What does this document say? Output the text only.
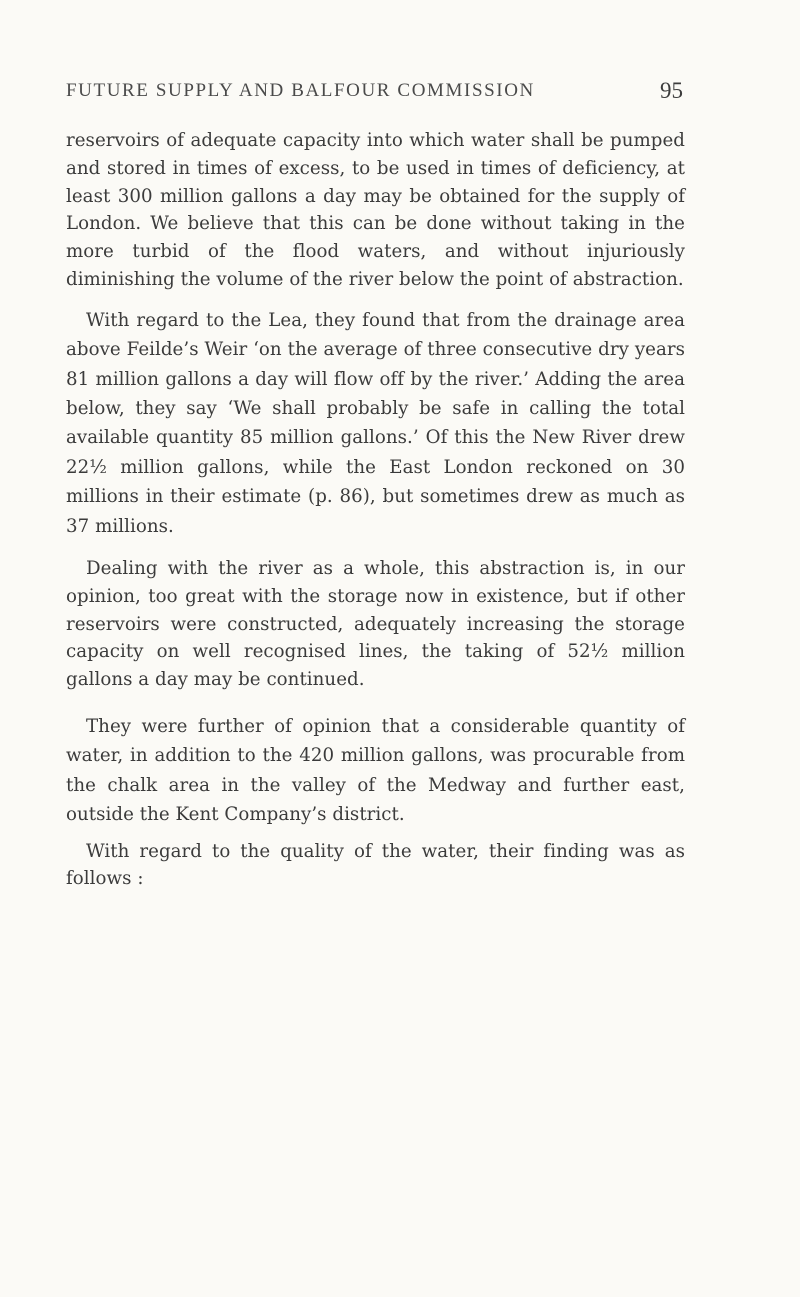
FUTURE SUPPLY AND BALFOUR COMMISSION	95

reservoirs of adequate capacity into which water shall be pumped and stored in times of excess, to be used in times of deficiency, at least 300 million gallons a day may be obtained for the supply of London. We believe that this can be done without taking in the more turbid of the flood waters, and without injuriously diminishing the volume of the river below the point of abstraction.

With regard to the Lea, they found that from the drainage area above Feilde’s Weir ‘on the average of three consecutive dry years 81 million gallons a day will flow off by the river.’ Adding the area below, they say ‘We shall probably be safe in calling the total available quantity 85 million gallons.’ Of this the New River drew 22½ million gallons, while the East London reckoned on 30 millions in their estimate (p. 86), but sometimes drew as much as 37 millions.

Dealing with the river as a whole, this abstraction is, in our opinion, too great with the storage now in existence, but if other reservoirs were constructed, adequately increasing the storage capacity on well recognised lines, the taking of 52½ million gallons a day may be continued.

They were further of opinion that a considerable quantity of water, in addition to the 420 million gallons, was procurable from the chalk area in the valley of the Medway and further east, outside the Kent Company’s district.

With regard to the quality of the water, their finding was as follows :
